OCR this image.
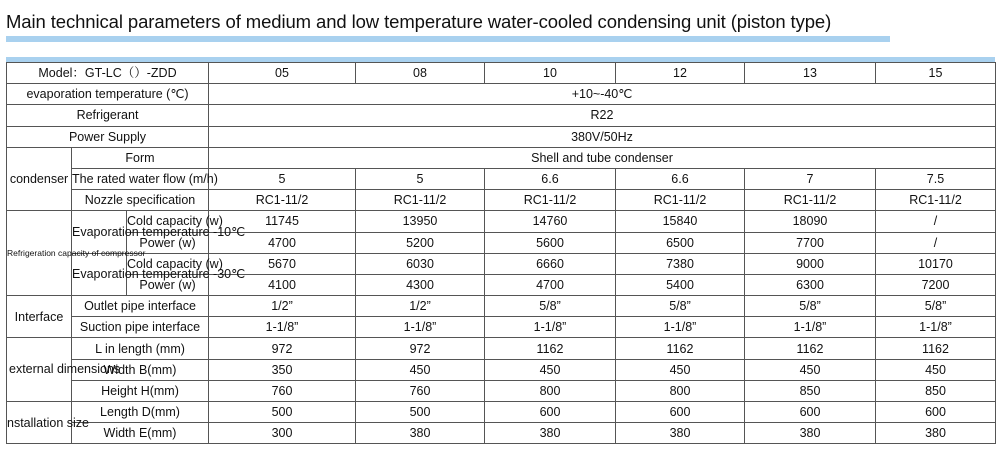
Main technical parameters of medium and low temperature water-cooled condensing unit (piston type)
Model：GT-LC（）-ZDD			05	08	10	12	13	15
evaporation temperature (℃)			+10~-40℃					
Refrigerant			R22					
Power Supply			380V/50Hz					
condenser	Form		Shell and tube condenser					
	The rated water flow (m/h)		5	5	6.6	6.6	7	7.5
	Nozzle specification		RC1-11/2	RC1-11/2	RC1-11/2	RC1-11/2	RC1-11/2	RC1-11/2
Refrigeration capacity of compressor	Evaporation temperature -10℃	Cold capacity (w)	11745	13950	14760	15840	18090	/
		Power (w)	4700	5200	5600	6500	7700	/
	Evaporation temperature -30℃	Cold capacity (w)	5670	6030	6660	7380	9000	10170
		Power (w)	4100	4300	4700	5400	6300	7200
Interface	Outlet pipe interface		1/2”	1/2”	5/8”	5/8”	5/8”	5/8”
	Suction pipe interface		1-1/8”	1-1/8”	1-1/8”	1-1/8”	1-1/8”	1-1/8”
external dimensions	L in length (mm)		972	972	1162	1162	1162	1162
	Width B(mm)		350	450	450	450	450	450
	Height H(mm)		760	760	800	800	850	850
nstallation size	Length D(mm)		500	500	600	600	600	600
	Width E(mm)		300	380	380	380	380	380
